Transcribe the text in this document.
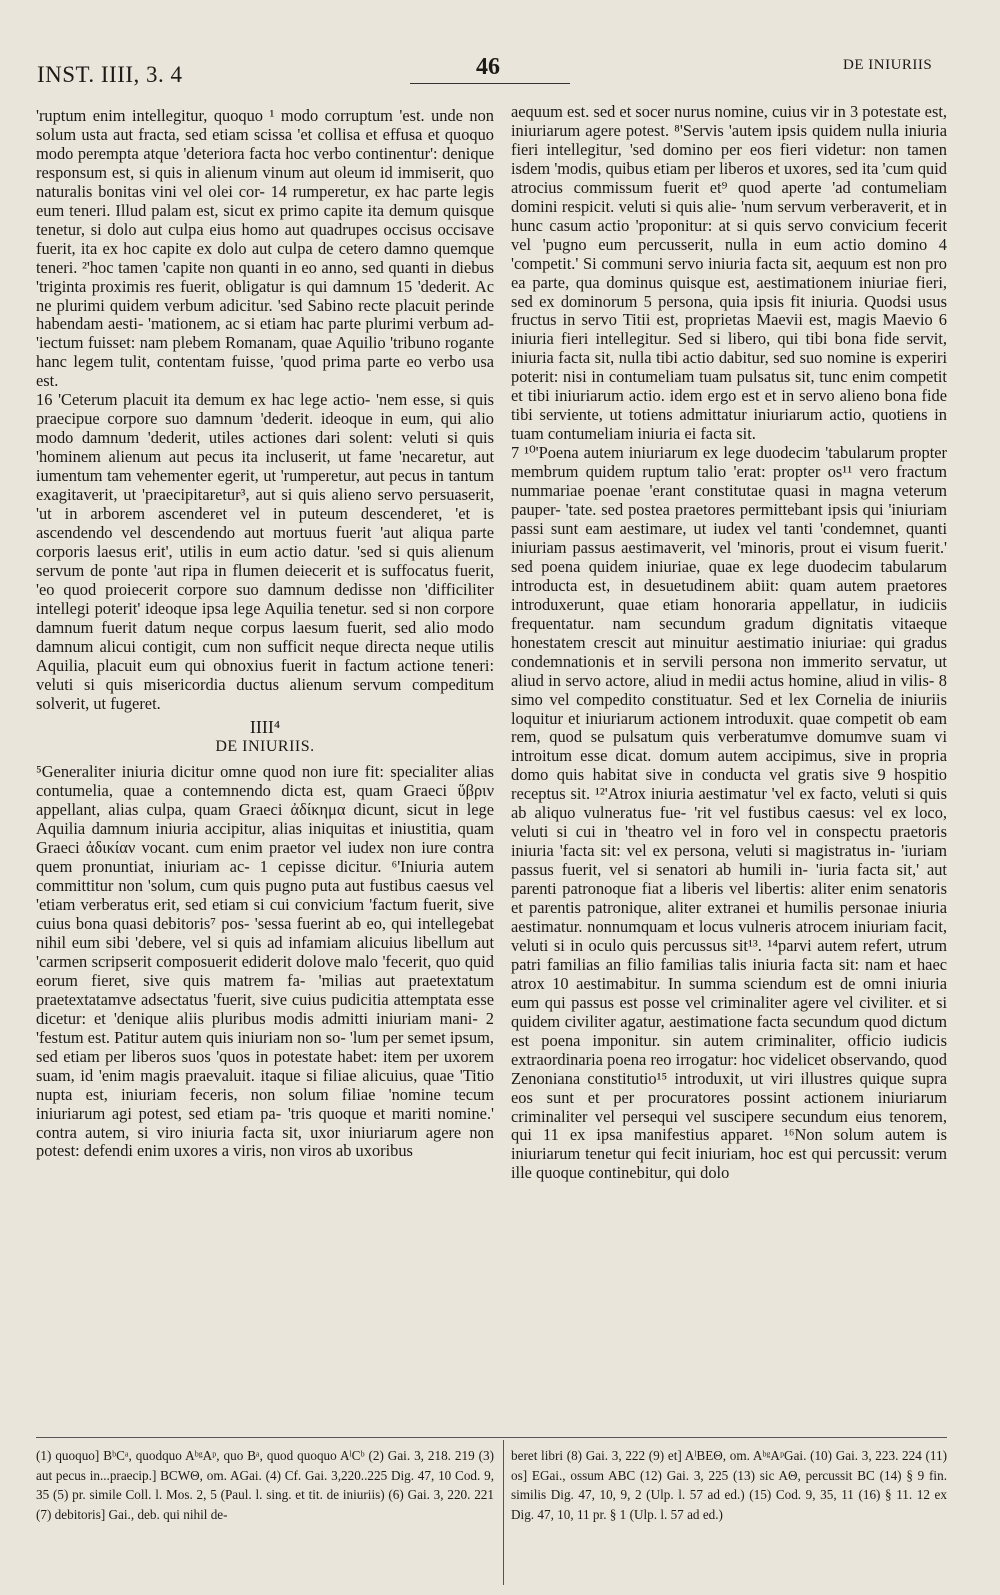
INST. IIII, 3. 4	46	DE INIURIIS

'ruptum enim intellegitur, quoquo ¹ modo corruptum 'est. unde non solum usta aut fracta, sed etiam scissa 'et collisa et effusa et quoquo modo perempta atque 'deteriora facta hoc verbo continentur': denique responsum est, si quis in alienum vinum aut oleum id immiserit, quo naturalis bonitas vini vel olei cor- 14 rumperetur, ex hac parte legis eum teneri. Illud palam est, sicut ex primo capite ita demum quisque tenetur, si dolo aut culpa eius homo aut quadrupes occisus occisave fuerit, ita ex hoc capite ex dolo aut culpa de cetero damno quemque teneri. ²'hoc tamen 'capite non quanti in eo anno, sed quanti in diebus 'triginta proximis res fuerit, obligatur is qui damnum 15 'dederit. Ac ne plurimi quidem verbum adicitur. 'sed Sabino recte placuit perinde habendam aesti- 'mationem, ac si etiam hac parte plurimi verbum ad- 'iectum fuisset: nam plebem Romanam, quae Aquilio 'tribuno rogante hanc legem tulit, contentam fuisse, 'quod prima parte eo verbo usa est.

16 'Ceterum placuit ita demum ex hac lege actio- 'nem esse, si quis praecipue corpore suo damnum 'dederit. ideoque in eum, qui alio modo damnum 'dederit, utiles actiones dari solent: veluti si quis 'hominem alienum aut pecus ita incluserit, ut fame 'necaretur, aut iumentum tam vehementer egerit, ut 'rumperetur, aut pecus in tantum exagitaverit, ut 'praecipitaretur³, aut si quis alieno servo persuaserit, 'ut in arborem ascenderet vel in puteum descenderet, 'et is ascendendo vel descendendo aut mortuus fuerit 'aut aliqua parte corporis laesus erit', utilis in eum actio datur. 'sed si quis alienum servum de ponte 'aut ripa in flumen deiecerit et is suffocatus fuerit, 'eo quod proiecerit corpore suo damnum dedisse non 'difficiliter intellegi poterit' ideoque ipsa lege Aquilia tenetur. sed si non corpore damnum fuerit datum neque corpus laesum fuerit, sed alio modo damnum alicui contigit, cum non sufficit neque directa neque utilis Aquilia, placuit eum qui obnoxius fuerit in factum actione teneri: veluti si quis misericordia ductus alienum servum compeditum solverit, ut fugeret.

IIII⁴
DE INIURIIS.

⁵Generaliter iniuria dicitur omne quod non iure fit: specialiter alias contumelia, quae a contemnendo dicta est, quam Graeci ὕβριν appellant, alias culpa, quam Graeci ἀδίκημα dicunt, sicut in lege Aquilia damnum iniuria accipitur, alias iniquitas et iniustitia, quam Graeci ἀδικίαν vocant. cum enim praetor vel iudex non iure contra quem pronuntiat, iniuriam ac- 1 cepisse dicitur. ⁶'Iniuria autem committitur non 'solum, cum quis pugno puta aut fustibus caesus vel 'etiam verberatus erit, sed etiam si cui convicium 'factum fuerit, sive cuius bona quasi debitoris⁷ pos- 'sessa fuerint ab eo, qui intellegebat nihil eum sibi 'debere, vel si quis ad infamiam alicuius libellum aut 'carmen scripserit composuerit ediderit dolove malo 'fecerit, quo quid eorum fieret, sive quis matrem fa- 'milias aut praetextatum praetextatamve adsectatus 'fuerit, sive cuius pudicitia attemptata esse dicetur: et 'denique aliis pluribus modis admitti iniuriam mani- 2 'festum est. Patitur autem quis iniuriam non so- 'lum per semet ipsum, sed etiam per liberos suos 'quos in potestate habet: item per uxorem suam, id 'enim magis praevaluit. itaque si filiae alicuius, quae 'Titio nupta est, iniuriam feceris, non solum filiae 'nomine tecum iniuriarum agi potest, sed etiam pa- 'tris quoque et mariti nomine.' contra autem, si viro iniuria facta sit, uxor iniuriarum agere non potest: defendi enim uxores a viris, non viros ab uxoribus

aequum est. sed et socer nurus nomine, cuius vir in 3 potestate est, iniuriarum agere potest. ⁸'Servis 'autem ipsis quidem nulla iniuria fieri intellegitur, 'sed domino per eos fieri videtur: non tamen isdem 'modis, quibus etiam per liberos et uxores, sed ita 'cum quid atrocius commissum fuerit et⁹ quod aperte 'ad contumeliam domini respicit. veluti si quis alie- 'num servum verberaverit, et in hunc casum actio 'proponitur: at si quis servo convicium fecerit vel 'pugno eum percusserit, nulla in eum actio domino 4 'competit.' Si communi servo iniuria facta sit, aequum est non pro ea parte, qua dominus quisque est, aestimationem iniuriae fieri, sed ex dominorum 5 persona, quia ipsis fit iniuria. Quodsi usus fructus in servo Titii est, proprietas Maevii est, magis Maevio 6 iniuria fieri intellegitur. Sed si libero, qui tibi bona fide servit, iniuria facta sit, nulla tibi actio dabitur, sed suo nomine is experiri poterit: nisi in contumeliam tuam pulsatus sit, tunc enim competit et tibi iniuriarum actio. idem ergo est et in servo alieno bona fide tibi serviente, ut totiens admittatur iniuriarum actio, quotiens in tuam contumeliam iniuria ei facta sit.

7 ¹⁰'Poena autem iniuriarum ex lege duodecim 'tabularum propter membrum quidem ruptum talio 'erat: propter os¹¹ vero fractum nummariae poenae 'erant constitutae quasi in magna veterum pauper- 'tate. sed postea praetores permittebant ipsis qui 'iniuriam passi sunt eam aestimare, ut iudex vel tanti 'condemnet, quanti iniuriam passus aestimaverit, vel 'minoris, prout ei visum fuerit.' sed poena quidem iniuriae, quae ex lege duodecim tabularum introducta est, in desuetudinem abiit: quam autem praetores introduxerunt, quae etiam honoraria appellatur, in iudiciis frequentatur. nam secundum gradum dignitatis vitaeque honestatem crescit aut minuitur aestimatio iniuriae: qui gradus condemnationis et in servili persona non immerito servatur, ut aliud in servo actore, aliud in medii actus homine, aliud in vilis- 8 simo vel compedito constituatur. Sed et lex Cornelia de iniuriis loquitur et iniuriarum actionem introduxit. quae competit ob eam rem, quod se pulsatum quis verberatumve domumve suam vi introitum esse dicat. domum autem accipimus, sive in propria domo quis habitat sive in conducta vel gratis sive 9 hospitio receptus sit. ¹²'Atrox iniuria aestimatur 'vel ex facto, veluti si quis ab aliquo vulneratus fue- 'rit vel fustibus caesus: vel ex loco, veluti si cui in 'theatro vel in foro vel in conspectu praetoris iniuria 'facta sit: vel ex persona, veluti si magistratus in- 'iuriam passus fuerit, vel si senatori ab humili in- 'iuria facta sit,' aut parenti patronoque fiat a liberis vel libertis: aliter enim senatoris et parentis patronique, aliter extranei et humilis personae iniuria aestimatur. nonnumquam et locus vulneris atrocem iniuriam facit, veluti si in oculo quis percussus sit¹³. ¹⁴parvi autem refert, utrum patri familias an filio familias talis iniuria facta sit: nam et haec atrox 10 aestimabitur. In summa sciendum est de omni iniuria eum qui passus est posse vel criminaliter agere vel civiliter. et si quidem civiliter agatur, aestimatione facta secundum quod dictum est poena imponitur. sin autem criminaliter, officio iudicis extraordinaria poena reo irrogatur: hoc videlicet observando, quod Zenoniana constitutio¹⁵ introduxit, ut viri illustres quique supra eos sunt et per procuratores possint actionem iniuriarum criminaliter vel persequi vel suscipere secundum eius tenorem, qui 11 ex ipsa manifestius apparet. ¹⁶Non solum autem is iniuriarum tenetur qui fecit iniuriam, hoc est qui percussit: verum ille quoque continebitur, qui dolo

(1) quoquo] BᵇCᵃ, quodquo AᵇᵍAᵖ, quo Bᵃ, quod quoquo AˡCᵇ (2) Gai. 3, 218. 219 (3) aut pecus in...praecip.] BCWΘ, om. AGai. (4) Cf. Gai. 3,220..225 Dig. 47, 10 Cod. 9, 35 (5) pr. simile Coll. l. Mos. 2, 5 (Paul. l. sing. et tit. de iniuriis) (6) Gai. 3, 220. 221 (7) debitoris] Gai., deb. qui nihil de-
beret libri (8) Gai. 3, 222 (9) et] AˡBEΘ, om. AᵇᵍAᵖGai. (10) Gai. 3, 223. 224 (11) os] EGai., ossum ABC (12) Gai. 3, 225 (13) sic AΘ, percussit BC (14) § 9 fin. similis Dig. 47, 10, 9, 2 (Ulp. l. 57 ad ed.) (15) Cod. 9, 35, 11 (16) § 11. 12 ex Dig. 47, 10, 11 pr. § 1 (Ulp. l. 57 ad ed.)
